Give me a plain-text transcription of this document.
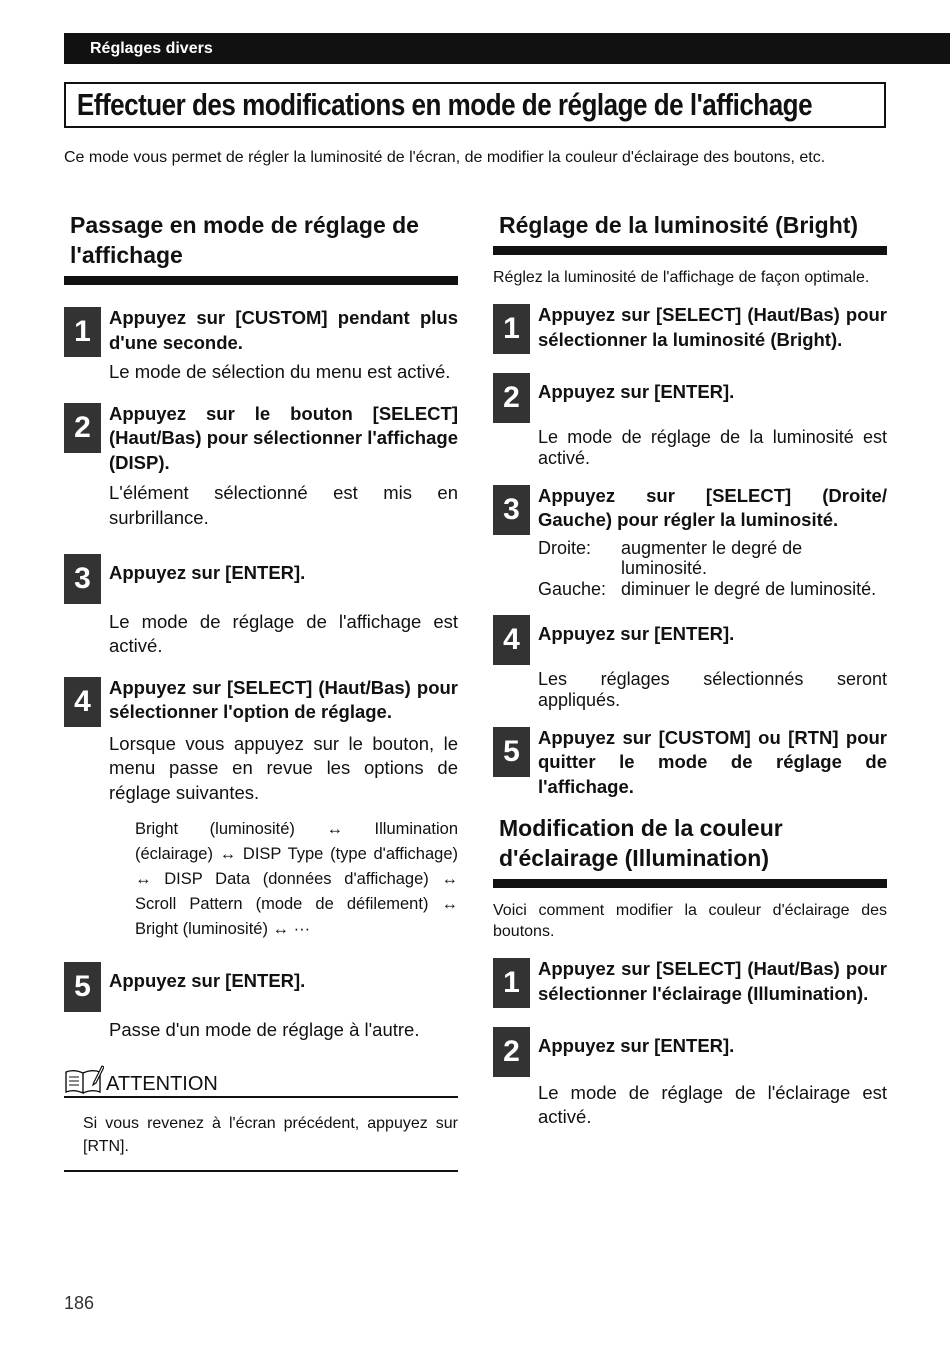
Réglages divers
Effectuer des modifications en mode de réglage de l'affichage

Ce mode vous permet de régler la luminosité de l'écran, de modifier la couleur d'éclairage des boutons, etc.

Passage en mode de réglage de l'affichage
1 Appuyez sur [CUSTOM] pendant plus d'une seconde.

Le mode de sélection du menu est activé.

2 Appuyez sur le bouton [SELECT] (Haut/Bas) pour sélectionner l'affichage (DISP).

L'élément sélectionné est mis en surbrillance.

3 Appuyez sur [ENTER].

Le mode de réglage de l'affichage est activé.

4 Appuyez sur [SELECT] (Haut/Bas) pour sélectionner l'option de réglage.

Lorsque vous appuyez sur le bouton, le menu passe en revue les options de réglage suivantes.

Bright (luminosité) ↔ Illumination (éclairage) ↔ DISP Type (type d'affichage) ↔ DISP Data (données d'affichage) ↔ Scroll Pattern (mode de défilement) ↔ Bright (luminosité) ↔ ···

5 Appuyez sur [ENTER].

Passe d'un mode de réglage à l'autre.

ATTENTION

Si vous revenez à l'écran précédent, appuyez sur [RTN].

Réglage de la luminosité (Bright)

Réglez la luminosité de l'affichage de façon optimale.

1 Appuyez sur [SELECT] (Haut/Bas) pour sélectionner la luminosité (Bright).

2 Appuyez sur [ENTER].

Le mode de réglage de la luminosité est activé.

3 Appuyez sur [SELECT] (Droite/ Gauche) pour régler la luminosité.

Droite:	augmenter le degré de luminosité.
Gauche: diminuer le degré de luminosité.
4 Appuyez sur [ENTER].

Les réglages sélectionnés seront appliqués.

5 Appuyez sur [CUSTOM] ou [RTN] pour quitter le mode de réglage de l'affichage.

Modification de la couleur d'éclairage (Illumination)

Voici comment modifier la couleur d'éclairage des boutons.

1 Appuyez sur [SELECT] (Haut/Bas) pour sélectionner l'éclairage (Illumination).

2 Appuyez sur [ENTER].

Le mode de réglage de l'éclairage est activé.

186
